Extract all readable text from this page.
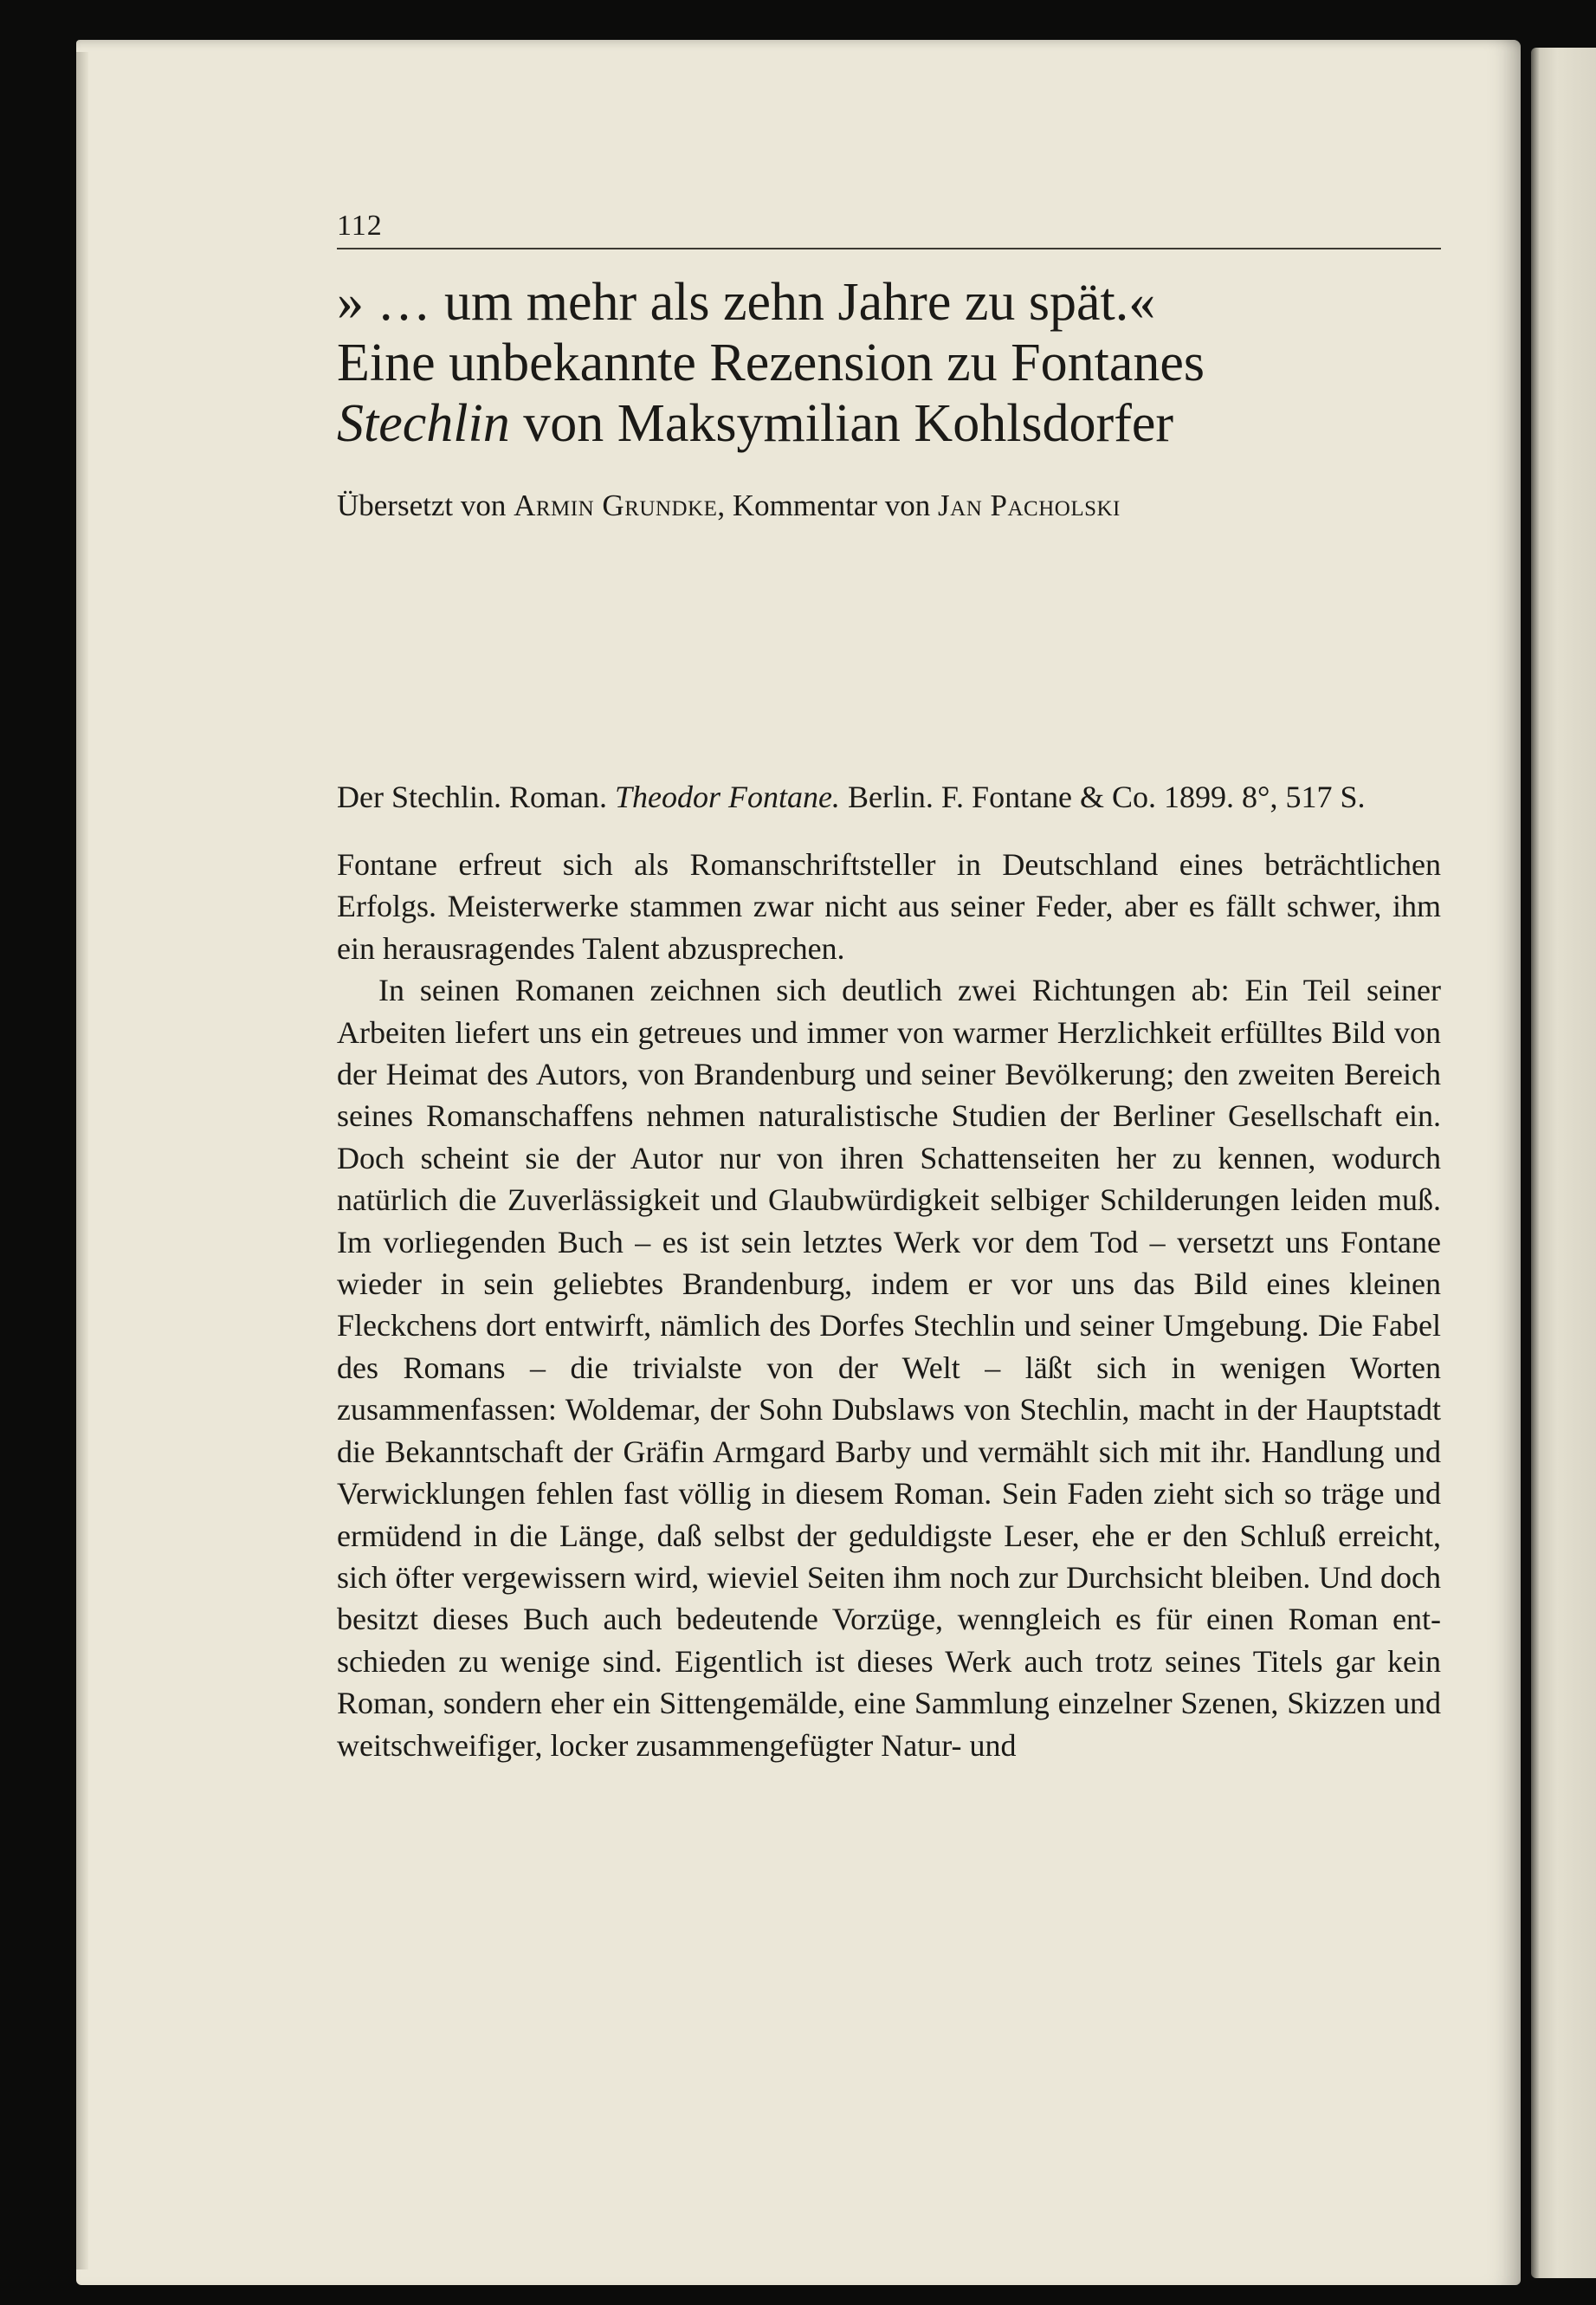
112

» … um mehr als zehn Jahre zu spät.«

Eine unbekannte Rezension zu Fontanes

Stechlin von Maksymilian Kohlsdorfer

Übersetzt von Armin Grundke, Kommentar von Jan Pacholski
Der Stechlin. Roman. Theodor Fontane. Berlin. F. Fontane & Co. 1899. 8°, 517 S.

Fontane erfreut sich als Romanschriftsteller in Deutschland eines beträchtlichen Erfolgs. Meisterwerke stammen zwar nicht aus seiner Feder, aber es fällt schwer, ihm ein herausragendes Talent abzusprechen.

In seinen Romanen zeichnen sich deutlich zwei Richtungen ab: Ein Teil seiner Arbeiten liefert uns ein getreues und immer von warmer Herzlichkeit erfülltes Bild von der Heimat des Autors, von Brandenburg und seiner Bevölkerung; den zweiten Bereich seines Romanschaffens nehmen naturalistische Studien der Berliner Gesellschaft ein. Doch scheint sie der Autor nur von ihren Schattenseiten her zu kennen, wodurch natürlich die Zuverlässigkeit und Glaubwürdigkeit selbiger Schilderungen leiden muß. Im vorliegenden Buch – es ist sein letztes Werk vor dem Tod – versetzt uns Fontane wieder in sein geliebtes Brandenburg, indem er vor uns das Bild eines kleinen Fleckchens dort entwirft, nämlich des Dorfes Stechlin und seiner Umgebung. Die Fabel des Romans – die trivialste von der Welt – läßt sich in wenigen Worten zusammenfassen: Woldemar, der Sohn Dubslaws von Stechlin, macht in der Hauptstadt die Bekanntschaft der Gräfin Armgard Barby und vermählt sich mit ihr. Handlung und Verwicklungen fehlen fast völlig in diesem Roman. Sein Faden zieht sich so träge und ermüdend in die Länge, daß selbst der geduldigste Leser, ehe er den Schluß erreicht, sich öfter vergewissern wird, wieviel Seiten ihm noch zur Durchsicht bleiben. Und doch besitzt dieses Buch auch bedeutende Vorzüge, wenngleich es für einen Roman entschieden zu wenige sind. Eigentlich ist dieses Werk auch trotz seines Titels gar kein Roman, sondern eher ein Sittengemälde, eine Sammlung einzelner Szenen, Skizzen und weitschweifiger, locker zusammengefügter Natur- und
